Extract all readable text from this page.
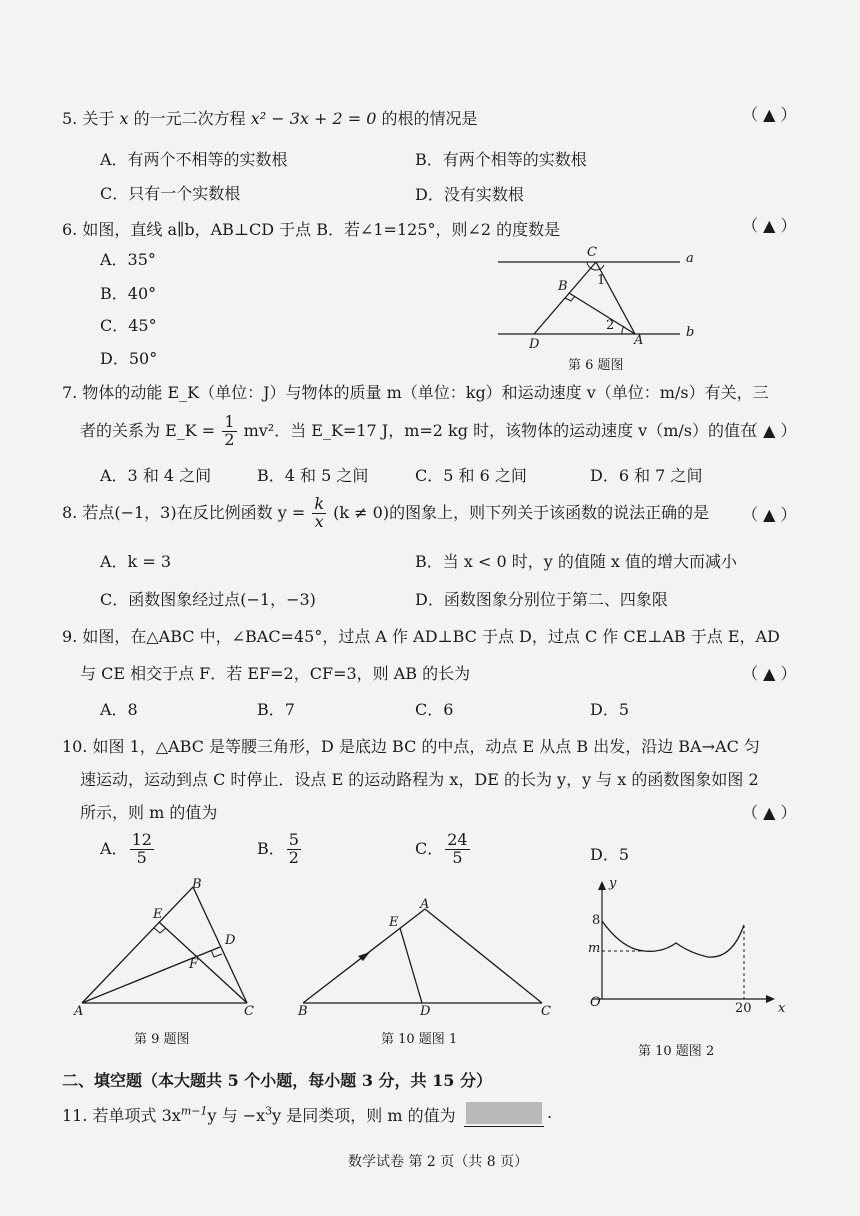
5. 关于 x 的一元二次方程 x² − 3x + 2 = 0 的根的情况是	（ ▲ ）
A．有两个不相等的实数根	B．有两个相等的实数根
C．只有一个实数根	D．没有实数根
6. 如图，直线 a∥b，AB⊥CD 于点 B．若∠1=125°，则∠2 的度数是	（ ▲ ）
A．35°
B．40°
C．45°
D．50°
C	a
B 1
2	b
D	A
第 6 题图
7. 物体的动能 E_K（单位：J）与物体的质量 m（单位：kg）和运动速度 v（单位：m/s）有关，三
者的关系为 E_K = $\frac{1}{2} mv^2$．当 E_K=17 J，m=2 kg 时，该物体的运动速度 v（m/s）的值在
（ ▲ ）
A．3 和 4 之间	B．4 和 5 之间	C．5 和 6 之间	D．6 和 7 之间
8. 若点(−1，3)在反比例函数 $y = \frac{k}{x} (k \ne 0)$的图象上，则下列关于该函数的说法正确的是 （ ▲ ）
A．k = 3	B．当 x < 0 时，y 的值随 x 值的增大而减小
C．函数图象经过点(−1，−3)	D．函数图象分别位于第二、四象限
9. 如图，在△ABC 中，∠BAC=45°，过点 A 作 AD⊥BC 于点 D，过点 C 作 CE⊥AB 于点 E，AD
与 CE 相交于点 F．若 EF=2，CF=3，则 AB 的长为	（ ▲ ）
A．8	B．7	C．6	D．5
10. 如图 1，△ABC 是等腰三角形，D 是底边 BC 的中点，动点 E 从点 B 出发，沿边 BA→AC 匀
速运动，运动到点 C 时停止．设点 E 的运动路程为 x，DE 的长为 y，y 与 x 的函数图象如图 2
所示，则 m 的值为	（ ▲ ）
A． $\frac{12}{5}$	B． $\frac{5}{2}$	C． $\frac{24}{5}$	D．5
B
E
D
F
A	C
第 9 题图
A
E
B	D	C
第 10 题图 1
y
8
m
O	20 x
第 10 题图 2
二、填空题（本大题共 5 个小题，每小题 3 分，共 15 分）
11. 若单项式 $3x^{m-1}y$ 与 $-x^3y$ 是同类项，则 m 的值为	.
数学试卷 第 2 页（共 8 页）
